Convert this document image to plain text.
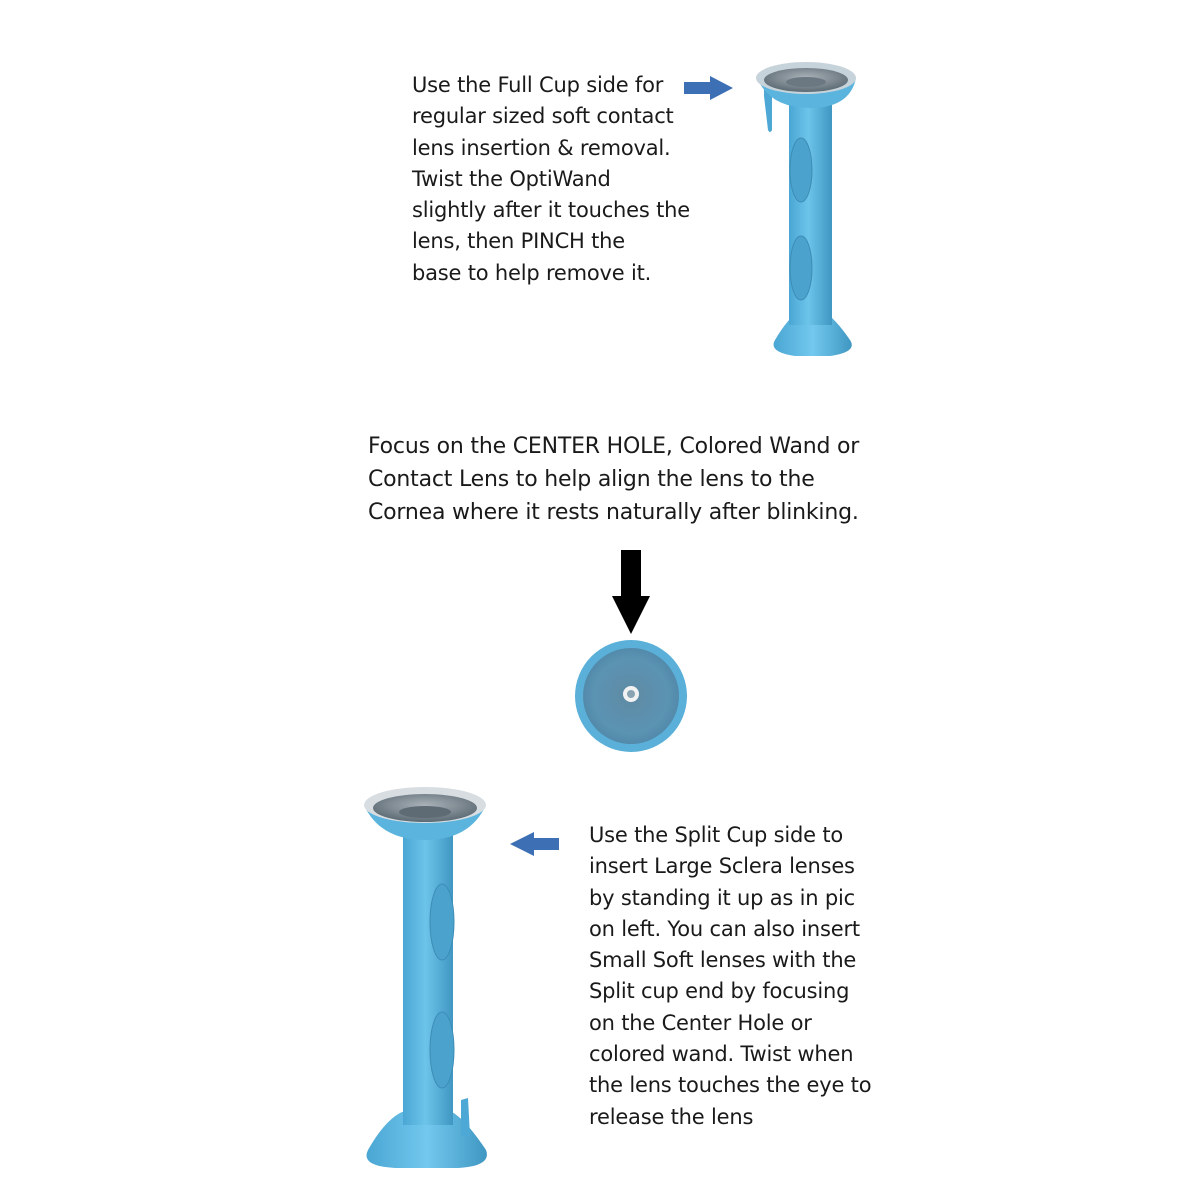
Use the Full Cup side for
regular sized soft contact
lens insertion & removal.
Twist the OptiWand
slightly after it touches the
lens, then PINCH the
base to help remove it.
Focus on the CENTER HOLE, Colored Wand or
Contact Lens to help align the lens to the
Cornea where it rests naturally after blinking.
Use the Split Cup side to
insert Large Sclera lenses
by standing it up as in pic
on left. You can also insert
Small Soft lenses with the
Split cup end by focusing
on the Center Hole or
colored wand. Twist when
the lens touches the eye to
release the lens
